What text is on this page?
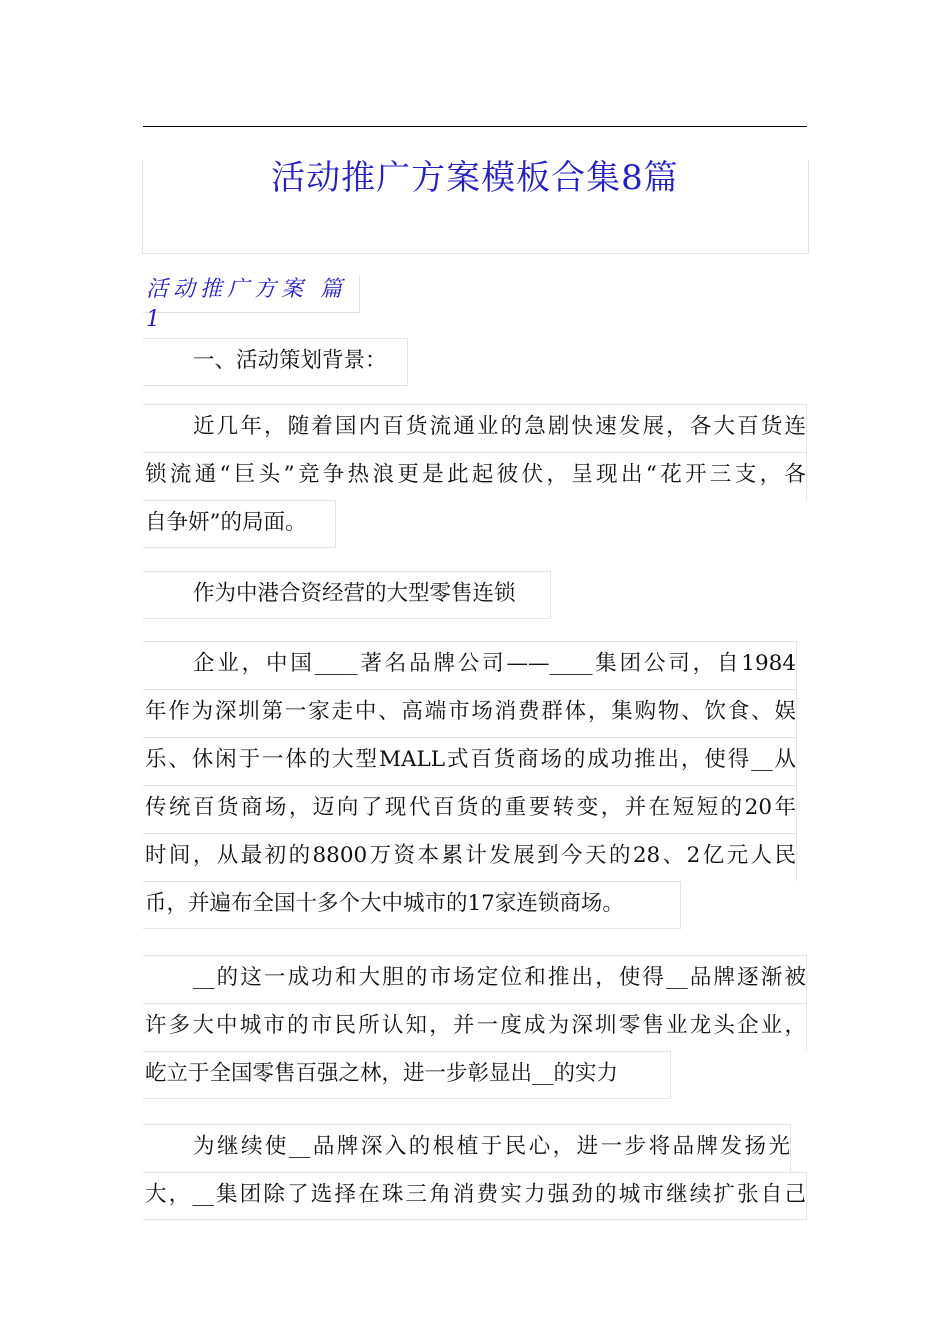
活动推广方案模板合集8篇
活动推广方案 篇1
一、活动策划背景：
近几年，随着国内百货流通业的急剧快速发展，各大百货连
锁流通“巨头”竞争热浪更是此起彼伏，呈现出“花开三支，各
自争妍”的局面。
作为中港合资经营的大型零售连锁
企业，中国____著名品牌公司——____集团公司，自1984
年作为深圳第一家走中、高端市场消费群体，集购物、饮食、娱
乐、休闲于一体的大型MALL式百货商场的成功推出，使得__从
传统百货商场，迈向了现代百货的重要转变，并在短短的20年
时间，从最初的8800万资本累计发展到今天的28、2亿元人民
币，并遍布全国十多个大中城市的17家连锁商场。
__的这一成功和大胆的市场定位和推出，使得__品牌逐渐被
许多大中城市的市民所认知，并一度成为深圳零售业龙头企业，
屹立于全国零售百强之林，进一步彰显出__的实力
为继续使__品牌深入的根植于民心，进一步将品牌发扬光
大，__集团除了选择在珠三角消费实力强劲的城市继续扩张自己
